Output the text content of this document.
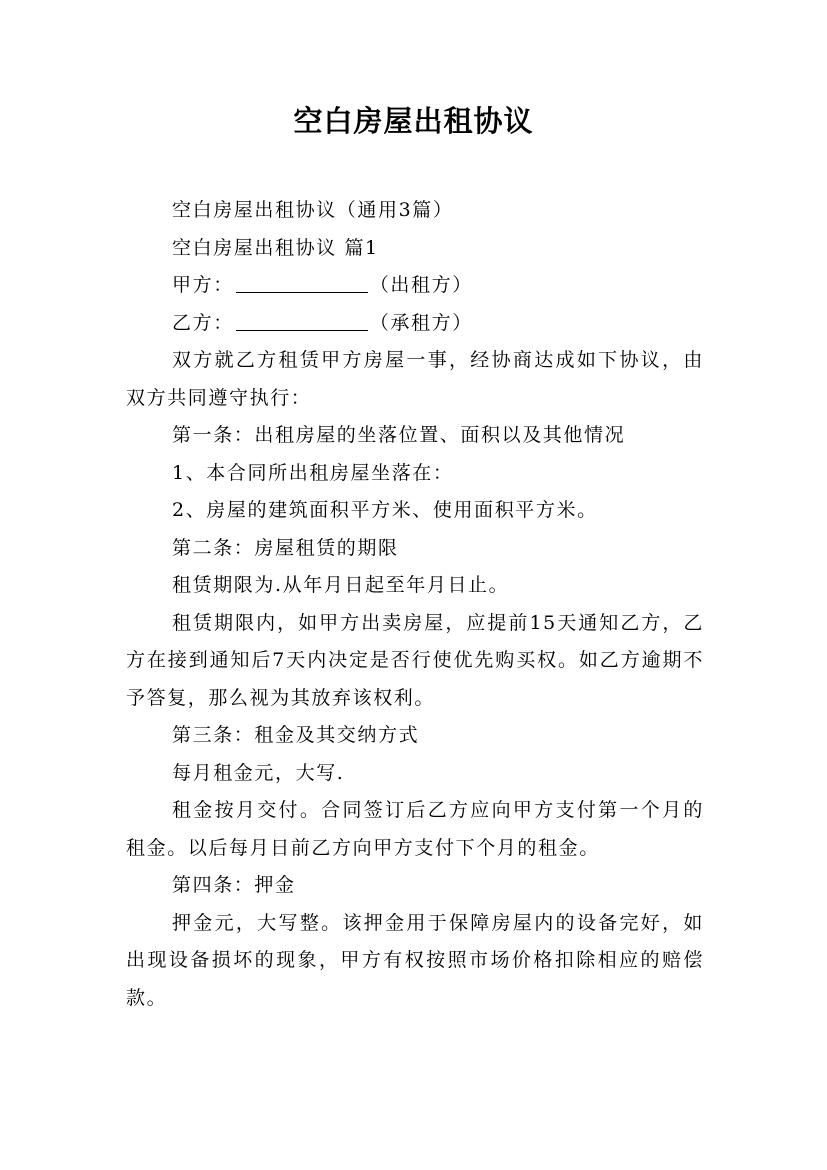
空白房屋出租协议

空白房屋出租协议（通用3篇）

空白房屋出租协议 篇1

甲方：	（出租方）

乙方：	（承租方）

双方就乙方租赁甲方房屋一事，经协商达成如下协议，由双方共同遵守执行：

第一条：出租房屋的坐落位置、面积以及其他情况

1、本合同所出租房屋坐落在：

2、房屋的建筑面积平方米、使用面积平方米。

第二条：房屋租赁的期限

租赁期限为.从年月日起至年月日止。

租赁期限内，如甲方出卖房屋，应提前15天通知乙方，乙方在接到通知后7天内决定是否行使优先购买权。如乙方逾期不予答复，那么视为其放弃该权利。

第三条：租金及其交纳方式

每月租金元，大写.

租金按月交付。合同签订后乙方应向甲方支付第一个月的租金。以后每月日前乙方向甲方支付下个月的租金。

第四条：押金

押金元，大写整。该押金用于保障房屋内的设备完好，如出现设备损坏的现象，甲方有权按照市场价格扣除相应的赔偿款。
